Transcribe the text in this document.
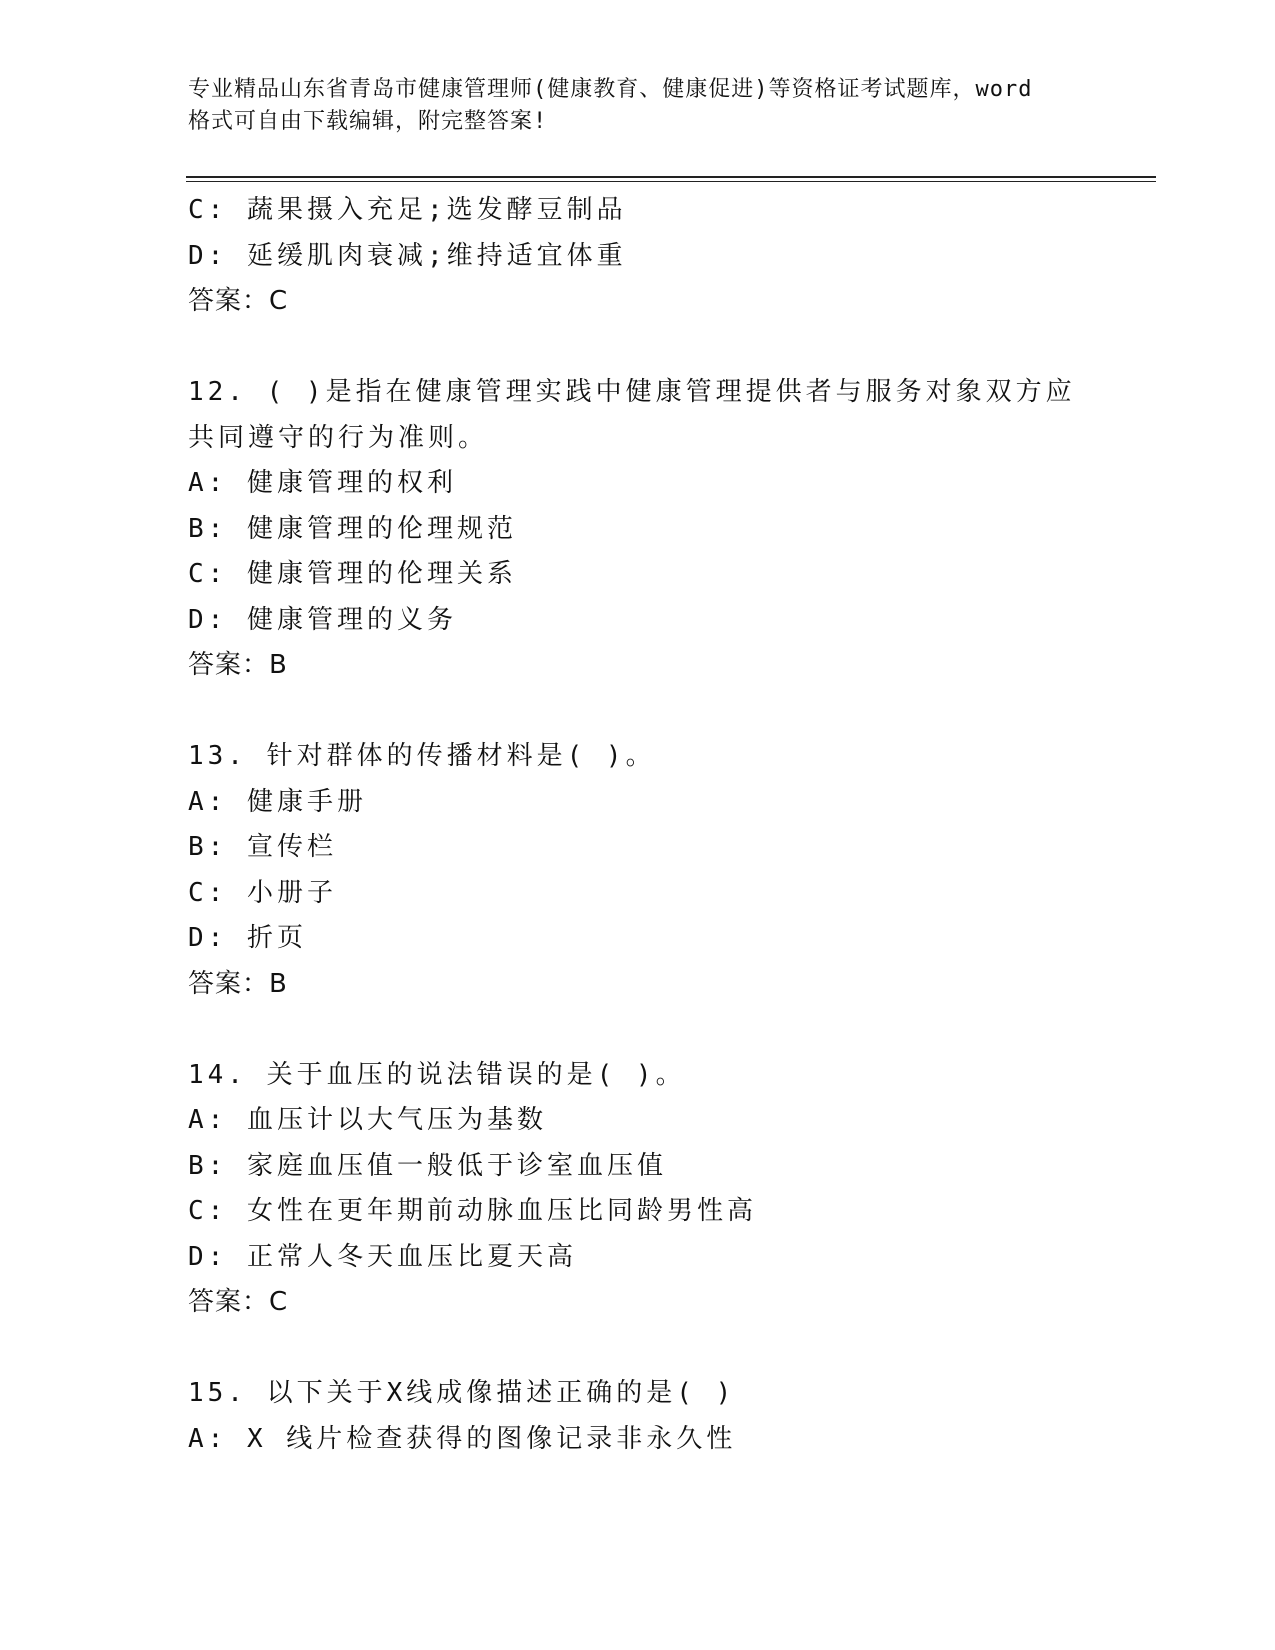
专业精品山东省青岛市健康管理师(健康教育、健康促进)等资格证考试题库，word
格式可自由下载编辑，附完整答案!
C: 蔬果摄入充足;选发酵豆制品
D: 延缓肌肉衰减;维持适宜体重
答案：C
12. ( )是指在健康管理实践中健康管理提供者与服务对象双方应
共同遵守的行为准则。
A: 健康管理的权利
B: 健康管理的伦理规范
C: 健康管理的伦理关系
D: 健康管理的义务
答案：B
13. 针对群体的传播材料是( )。
A: 健康手册
B: 宣传栏
C: 小册子
D: 折页
答案：B
14. 关于血压的说法错误的是( )。
A: 血压计以大气压为基数
B: 家庭血压值一般低于诊室血压值
C: 女性在更年期前动脉血压比同龄男性高
D: 正常人冬天血压比夏天高
答案：C
15. 以下关于X线成像描述正确的是( )
A: X 线片检查获得的图像记录非永久性
